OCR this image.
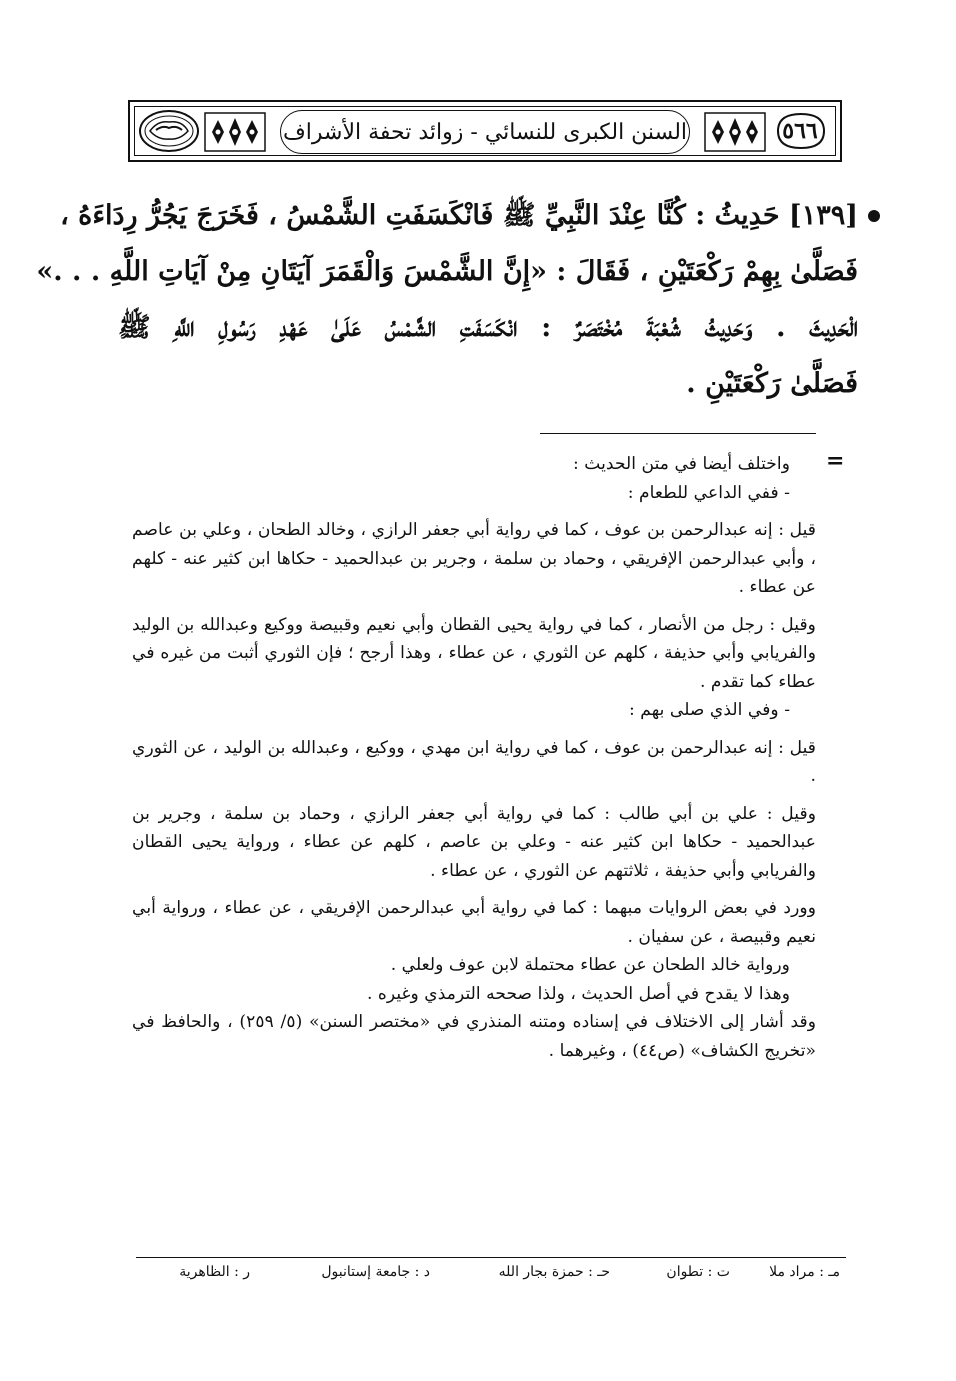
السنن الكبرى للنسائي - زوائد تحفة الأشراف	٥٦٦
[١٣٩] حَدِيثُ : كُنَّا عِنْدَ النَّبِيِّ ﷺ فَانْكَسَفَتِ الشَّمْسُ ، فَخَرَجَ يَجُرُّ رِدَاءَهُ ،
فَصَلَّىٰ بِهِمْ رَكْعَتَيْنِ ، فَقَالَ : «إِنَّ الشَّمْسَ وَالْقَمَرَ آيَتَانِ مِنْ آيَاتِ اللَّهِ . . .»
الْحَدِيثَ . وَحَدِيثُ شُعْبَةَ مُخْتَصَرٌ : انْكَسَفَتِ الشَّمْسُ عَلَىٰ عَهْدِ رَسُولِ اللَّهِ ﷺ
فَصَلَّىٰ رَكْعَتَيْنِ .
=

واختلف أيضا في متن الحديث :

- ففي الداعي للطعام :

قيل : إنه عبدالرحمن بن عوف ، كما في رواية أبي جعفر الرازي ، وخالد الطحان ، وعلي بن عاصم ، وأبي عبدالرحمن الإفريقي ، وحماد بن سلمة ، وجرير بن عبدالحميد - حكاها ابن كثير عنه - كلهم عن عطاء .

وقيل : رجل من الأنصار ، كما في رواية يحيى القطان وأبي نعيم وقبيصة ووكيع وعبدالله بن الوليد والفريابي وأبي حذيفة ، كلهم عن الثوري ، عن عطاء ، وهذا أرجح ؛ فإن الثوري أثبت من غيره في عطاء كما تقدم .

- وفي الذي صلى بهم :

قيل : إنه عبدالرحمن بن عوف ، كما في رواية ابن مهدي ، ووكيع ، وعبدالله بن الوليد ، عن الثوري .

وقيل : علي بن أبي طالب : كما في رواية أبي جعفر الرازي ، وحماد بن سلمة ، وجرير بن عبدالحميد - حكاها ابن كثير عنه - وعلي بن عاصم ، كلهم عن عطاء ، ورواية يحيى القطان والفريابي وأبي حذيفة ، ثلاثتهم عن الثوري ، عن عطاء .

وورد في بعض الروايات مبهما : كما في رواية أبي عبدالرحمن الإفريقي ، عن عطاء ، ورواية أبي نعيم وقبيصة ، عن سفيان .

ورواية خالد الطحان عن عطاء محتملة لابن عوف ولعلي .

وهذا لا يقدح في أصل الحديث ، ولذا صححه الترمذي وغيره .

وقد أشار إلى الاختلاف في إسناده ومتنه المنذري في «مختصر السنن» (٥/ ٢٥٩) ، والحافظ في «تخريج الكشاف» (ص٤٤) ، وغيرهما .

مـ : مراد ملا
ت : تطوان
حـ : حمزة بجار الله
د : جامعة إستانبول
ر : الظاهرية
